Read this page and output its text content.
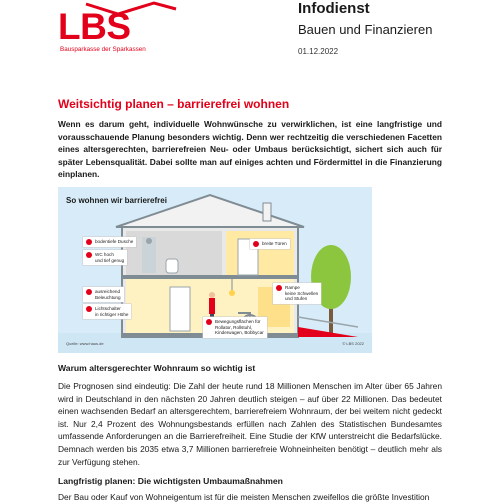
LBS
Bausparkasse der Sparkassen
Infodienst
Bauen und Finanzieren
01.12.2022
Weitsichtig planen – barrierefrei wohnen
Wenn es darum geht, individuelle Wohnwünsche zu verwirklichen, ist eine langfristige und vorausschauende Planung besonders wichtig. Denn wer rechtzeitig die verschiedenen Facetten eines altersgerechten, barrierefreien Neu- oder Umbaus berücksichtigt, sichert sich auch für später Lebensqualität. Dabei sollte man auf einiges achten und Fördermittel in die Finanzierung einplanen.
So wohnen wir barrierefrei
bodentiefe Dusche
WC hoch
und tief genug
breite Türen
ausreichend
Beleuchtung
Lichtschalter
in richtiger Höhe
Rampe
keine Schwellen
und Stufen
Bewegungsflächen für
Rollator, Rollstuhl,
Kinderwagen, Bobbycar
Quelle: www.haus.de	© LBS 2022
Warum altersgerechter Wohnraum so wichtig ist
Die Prognosen sind eindeutig: Die Zahl der heute rund 18 Millionen Menschen im Alter über 65 Jahren wird in Deutschland in den nächsten 20 Jahren deutlich steigen – auf über 22 Millionen. Das bedeutet einen wachsenden Bedarf an altersgerechtem, barrierefreiem Wohnraum, der bei weitem nicht gedeckt ist. Nur 2,4 Prozent des Wohnungsbestands erfüllen nach Zahlen des Statistischen Bundesamtes umfassende Anforderungen an die Barrierefreiheit. Eine Studie der KfW unterstreicht die Bedarfslücke. Demnach werden bis 2035 etwa 3,7 Millionen barrierefreie Wohneinheiten benötigt – deutlich mehr als zur Verfügung stehen.
Langfristig planen: Die wichtigsten Umbaumaßnahmen
Der Bau oder Kauf von Wohneigentum ist für die meisten Menschen zweifellos die größte Investition
